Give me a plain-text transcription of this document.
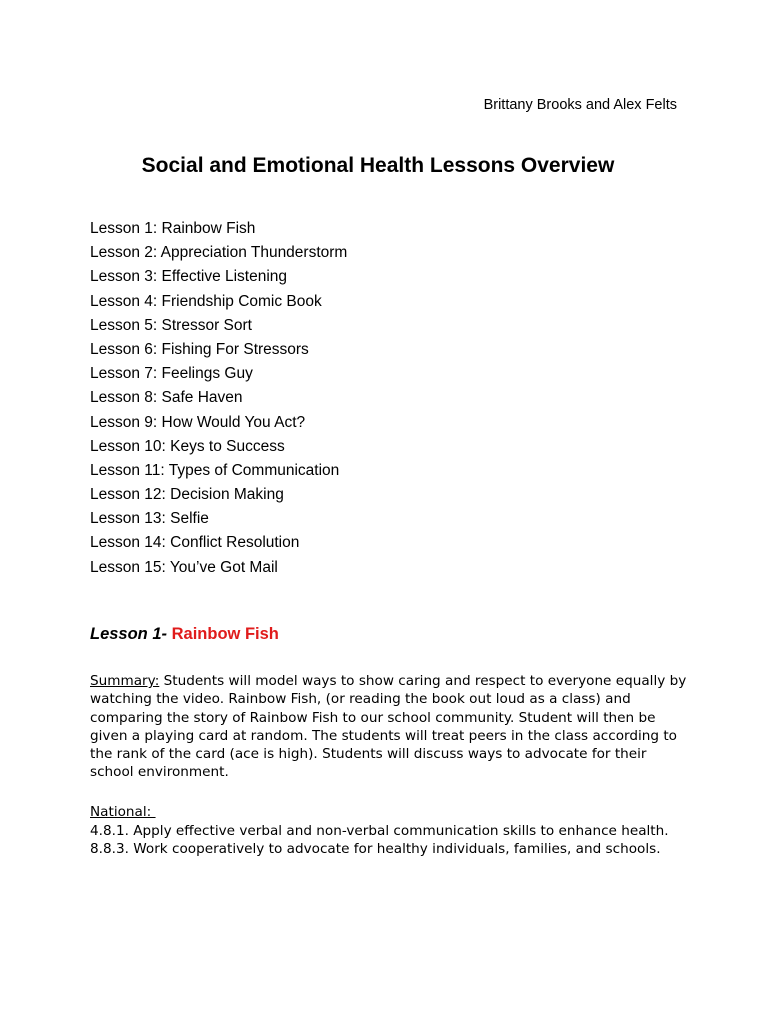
Brittany Brooks and Alex Felts
Social and Emotional Health Lessons Overview
Lesson 1: Rainbow Fish
Lesson 2: Appreciation Thunderstorm
Lesson 3: Effective Listening
Lesson 4: Friendship Comic Book
Lesson 5: Stressor Sort
Lesson 6: Fishing For Stressors
Lesson 7: Feelings Guy
Lesson 8: Safe Haven
Lesson 9: How Would You Act?
Lesson 10: Keys to Success
Lesson 11: Types of Communication
Lesson 12: Decision Making
Lesson 13: Selfie
Lesson 14: Conflict Resolution
Lesson 15: You’ve Got Mail
Lesson 1- Rainbow Fish

Summary: Students will model ways to show caring and respect to everyone equally by watching the video. Rainbow Fish, (or reading the book out loud as a class) and comparing the story of Rainbow Fish to our school community. Student will then be given a playing card at random. The students will treat peers in the class according to the rank of the card (ace is high). Students will discuss ways to advocate for their school environment.

National:
4.8.1. Apply effective verbal and non-verbal communication skills to enhance health.
8.8.3. Work cooperatively to advocate for healthy individuals, families, and schools.
